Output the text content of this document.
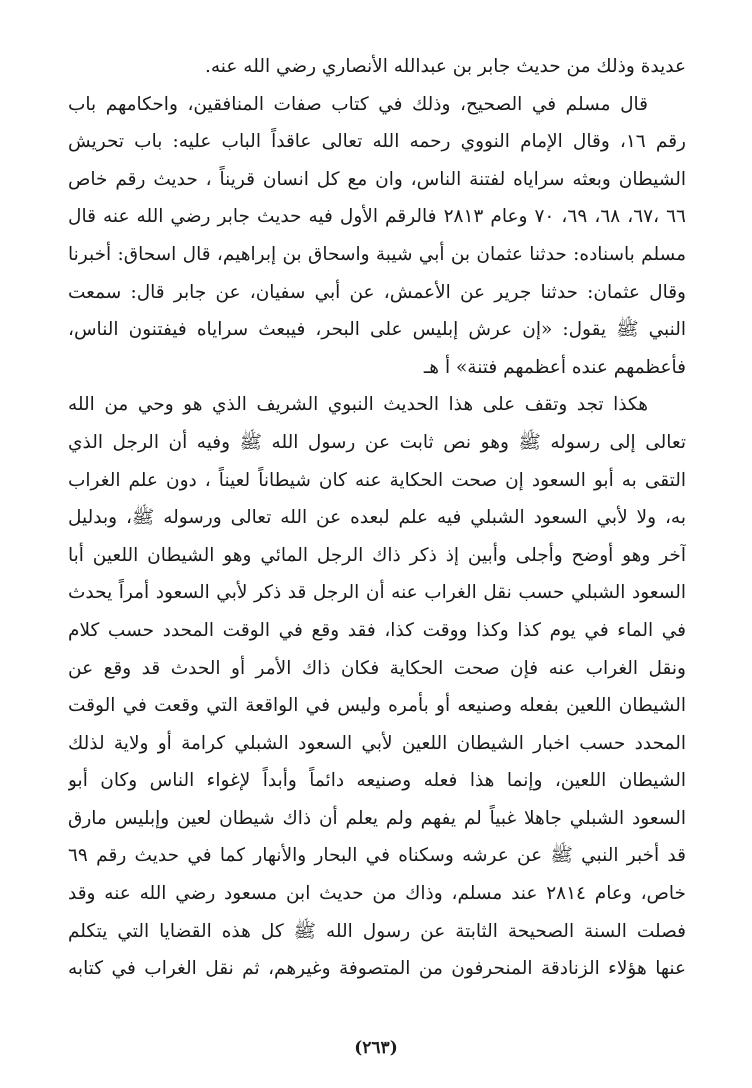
عديدة وذلك من حديث جابر بن عبدالله الأنصاري رضي الله عنه.
قال مسلم في الصحيح، وذلك في كتاب صفات المنافقين، واحكامهم باب
رقم ١٦، وقال الإمام النووي رحمه الله تعالى عاقداً الباب عليه: باب تحريش
الشيطان وبعثه سراياه لفتنة الناس، وان مع كل انسان قريناً ، حديث رقم خاص
٦٦ ،٦٧، ٦٨، ٦٩، ٧٠ وعام ٢٨١٣ فالرقم الأول فيه حديث جابر رضي الله عنه قال
مسلم باسناده: حدثنا عثمان بن أبي شيبة واسحاق بن إبراهيم، قال اسحاق: أخبرنا
وقال عثمان: حدثنا جرير عن الأعمش، عن أبي سفيان، عن جابر قال: سمعت
النبي ﷺ يقول: «إن عرش إبليس على البحر، فيبعث سراياه فيفتنون الناس،
فأعظمهم عنده أعظمهم فتنة» أ هـ
هكذا تجد وتقف على هذا الحديث النبوي الشريف الذي هو وحي من الله
تعالى إلى رسوله ﷺ وهو نص ثابت عن رسول الله ﷺ وفيه أن الرجل الذي
التقى به أبو السعود إن صحت الحكاية عنه كان شيطاناً لعيناً ، دون علم الغراب
به، ولا لأبي السعود الشبلي فيه علم لبعده عن الله تعالى ورسوله ﷺ، وبدليل
آخر وهو أوضح وأجلى وأبين إذ ذكر ذاك الرجل المائي وهو الشيطان اللعين أبا
السعود الشبلي حسب نقل الغراب عنه أن الرجل قد ذكر لأبي السعود أمراً يحدث
في الماء في يوم كذا وكذا ووقت كذا، فقد وقع في الوقت المحدد حسب كلام
ونقل الغراب عنه فإن صحت الحكاية فكان ذاك الأمر أو الحدث قد وقع عن
الشيطان اللعين بفعله وصنيعه أو بأمره وليس في الواقعة التي وقعت في الوقت
المحدد حسب اخبار الشيطان اللعين لأبي السعود الشبلي كرامة أو ولاية لذلك
الشيطان اللعين، وإنما هذا فعله وصنيعه دائماً وأبداً لإغواء الناس وكان أبو
السعود الشبلي جاهلا غبياً لم يفهم ولم يعلم أن ذاك شيطان لعين وإبليس مارق
قد أخبر النبي ﷺ عن عرشه وسكناه في البحار والأنهار كما في حديث رقم ٦٩
خاص، وعام ٢٨١٤ عند مسلم، وذاك من حديث ابن مسعود رضي الله عنه وقد
فصلت السنة الصحيحة الثابتة عن رسول الله ﷺ كل هذه القضايا التي يتكلم
عنها هؤلاء الزنادقة المنحرفون من المتصوفة وغيرهم، ثم نقل الغراب في كتابه
(٢٦٣)
